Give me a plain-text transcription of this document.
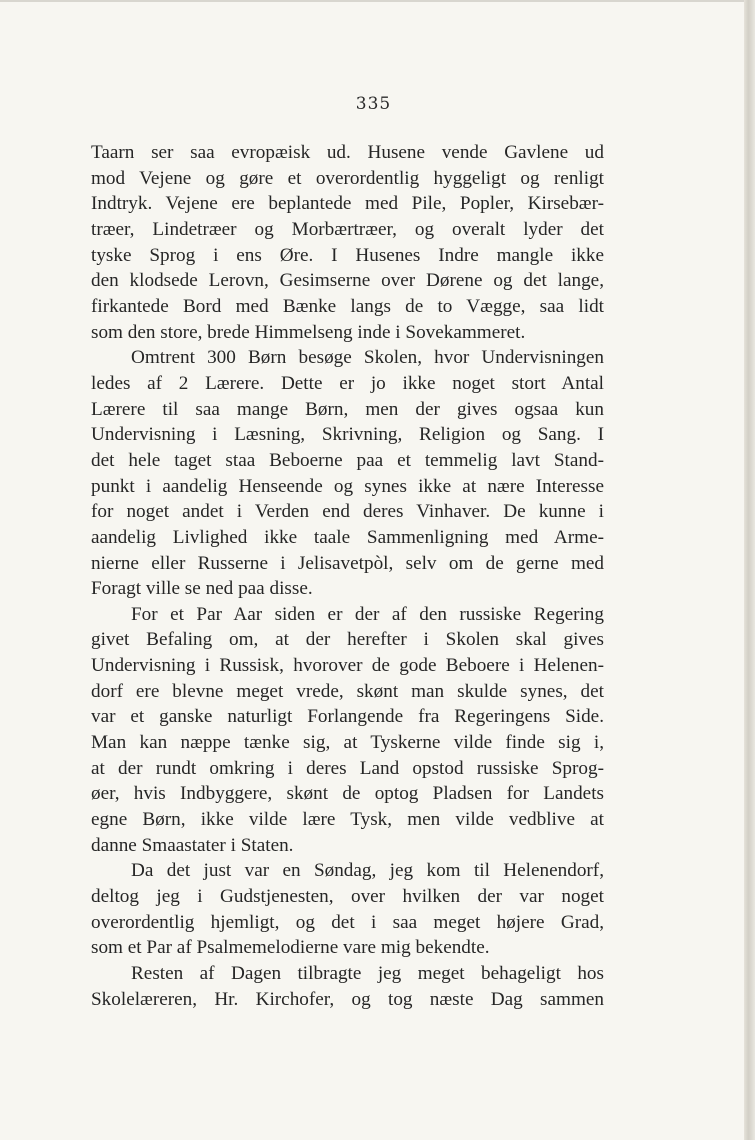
335
Taarn ser saa evropæisk ud. Husene vende Gavlene ud
mod Vejene og gøre et overordentlig hyggeligt og renligt
Indtryk. Vejene ere beplantede med Pile, Popler, Kirsebær-
træer, Lindetræer og Morbærtræer, og overalt lyder det
tyske Sprog i ens Øre. I Husenes Indre mangle ikke
den klodsede Lerovn, Gesimserne over Dørene og det lange,
firkantede Bord med Bænke langs de to Vægge, saa lidt
som den store, brede Himmelseng inde i Sovekammeret.
Omtrent 300 Børn besøge Skolen, hvor Undervisningen
ledes af 2 Lærere. Dette er jo ikke noget stort Antal
Lærere til saa mange Børn, men der gives ogsaa kun
Undervisning i Læsning, Skrivning, Religion og Sang. I
det hele taget staa Beboerne paa et temmelig lavt Stand-
punkt i aandelig Henseende og synes ikke at nære Interesse
for noget andet i Verden end deres Vinhaver. De kunne i
aandelig Livlighed ikke taale Sammenligning med Arme-
nierne eller Russerne i Jelisavetpòl, selv om de gerne med
Foragt ville se ned paa disse.
For et Par Aar siden er der af den russiske Regering
givet Befaling om, at der herefter i Skolen skal gives
Undervisning i Russisk, hvorover de gode Beboere i Helenen-
dorf ere blevne meget vrede, skønt man skulde synes, det
var et ganske naturligt Forlangende fra Regeringens Side.
Man kan næppe tænke sig, at Tyskerne vilde finde sig i,
at der rundt omkring i deres Land opstod russiske Sprog-
øer, hvis Indbyggere, skønt de optog Pladsen for Landets
egne Børn, ikke vilde lære Tysk, men vilde vedblive at
danne Smaastater i Staten.
Da det just var en Søndag, jeg kom til Helenendorf,
deltog jeg i Gudstjenesten, over hvilken der var noget
overordentlig hjemligt, og det i saa meget højere Grad,
som et Par af Psalmemelodierne vare mig bekendte.
Resten af Dagen tilbragte jeg meget behageligt hos
Skolelæreren, Hr. Kirchofer, og tog næste Dag sammen
